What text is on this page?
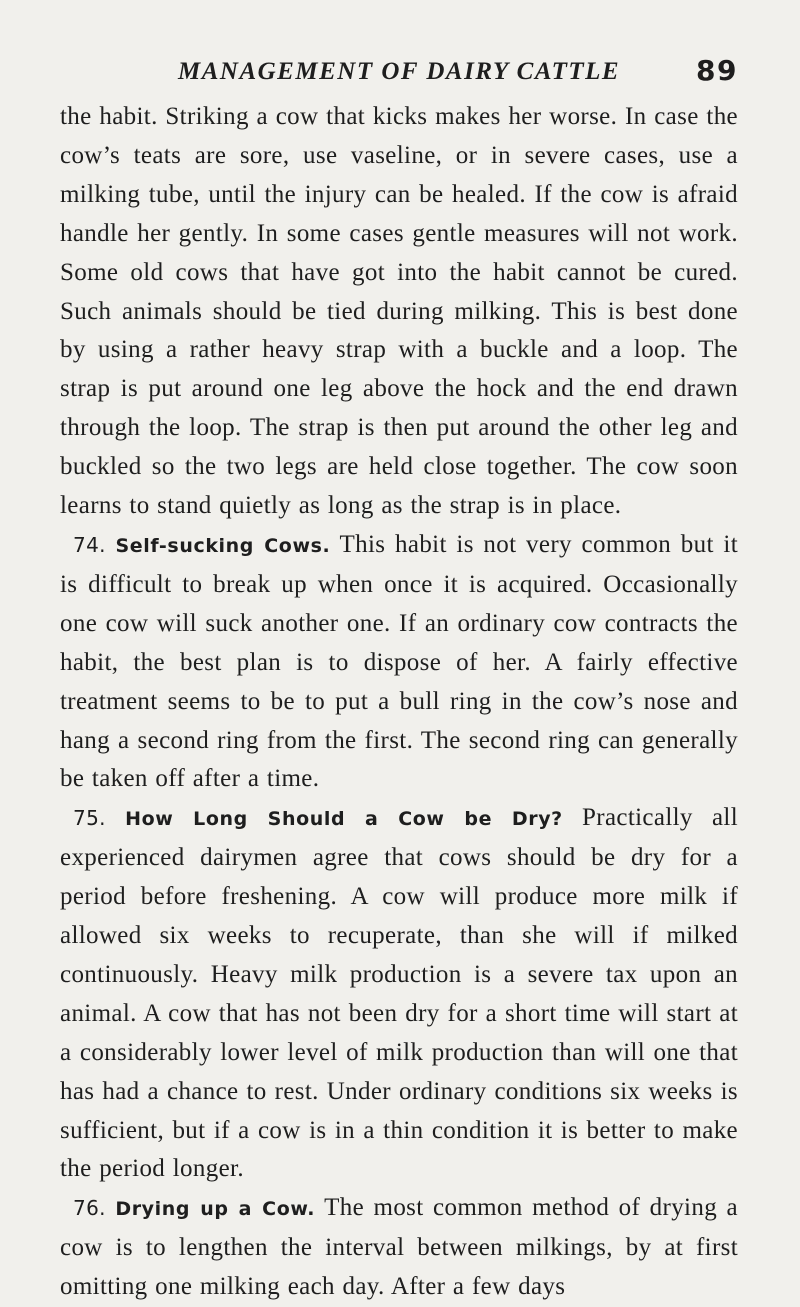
MANAGEMENT OF DAIRY CATTLE	89

the habit. Striking a cow that kicks makes her worse. In case the cow’s teats are sore, use vaseline, or in severe cases, use a milking tube, until the injury can be healed. If the cow is afraid handle her gently. In some cases gentle measures will not work. Some old cows that have got into the habit cannot be cured. Such animals should be tied during milking. This is best done by using a rather heavy strap with a buckle and a loop. The strap is put around one leg above the hock and the end drawn through the loop. The strap is then put around the other leg and buckled so the two legs are held close together. The cow soon learns to stand quietly as long as the strap is in place.

74. Self-sucking Cows. This habit is not very common but it is difficult to break up when once it is acquired. Occasionally one cow will suck another one. If an ordinary cow contracts the habit, the best plan is to dispose of her. A fairly effective treatment seems to be to put a bull ring in the cow’s nose and hang a second ring from the first. The second ring can generally be taken off after a time.

75. How Long Should a Cow be Dry? Practically all experienced dairymen agree that cows should be dry for a period before freshening. A cow will produce more milk if allowed six weeks to recuperate, than she will if milked continuously. Heavy milk production is a severe tax upon an animal. A cow that has not been dry for a short time will start at a considerably lower level of milk production than will one that has had a chance to rest. Under ordinary conditions six weeks is sufficient, but if a cow is in a thin condition it is better to make the period longer.

76. Drying up a Cow. The most common method of drying a cow is to lengthen the interval between milkings, by at first omitting one milking each day. After a few days
